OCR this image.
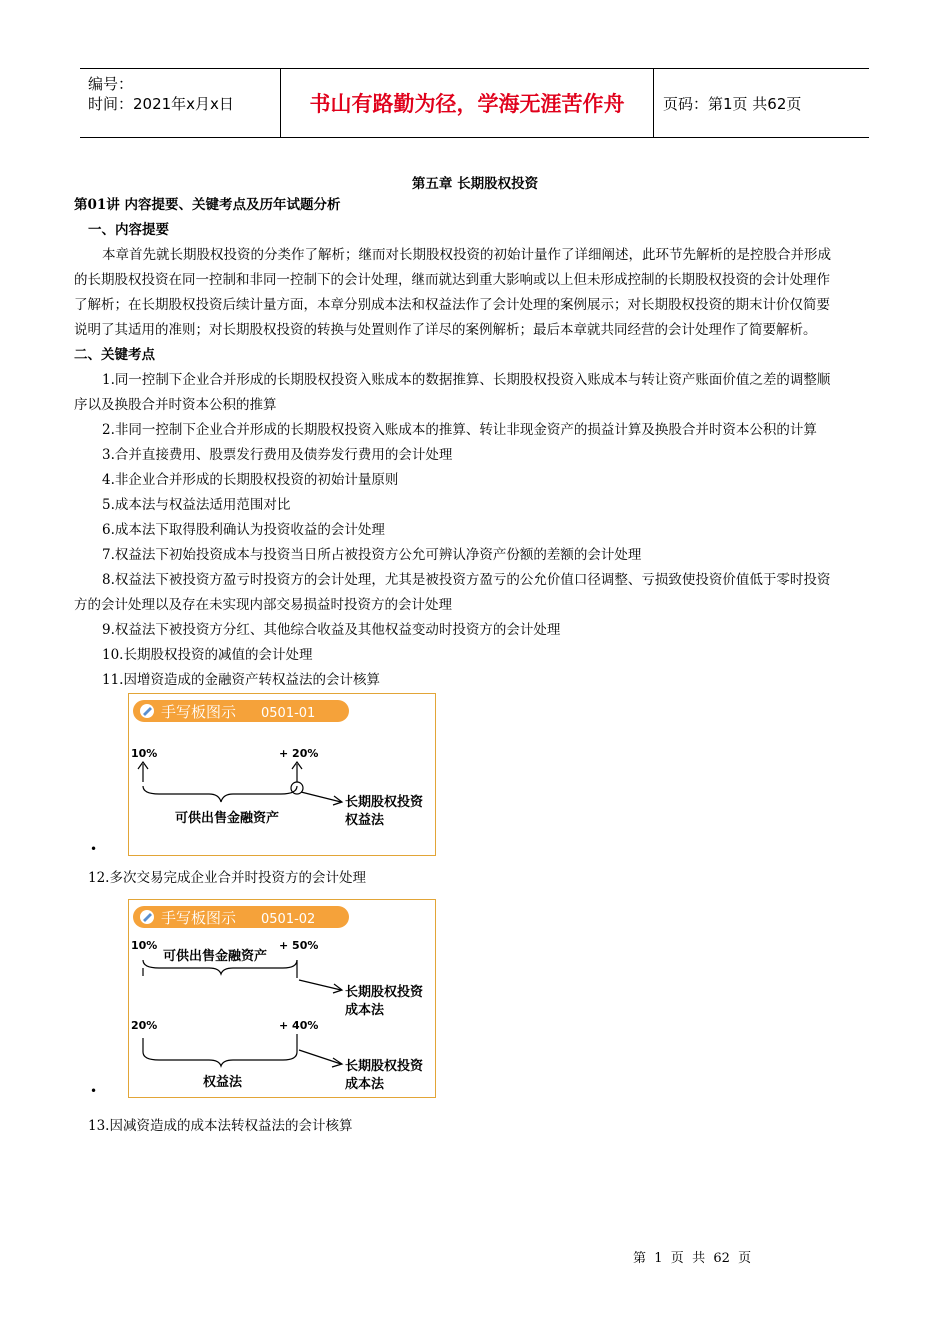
编号：
时间：2021年x月x日	书山有路勤为径，学海无涯苦作舟	页码：第1页 共62页
第五章 长期股权投资
第01讲 内容提要、关键考点及历年试题分析
一、内容提要
本章首先就长期股权投资的分类作了解析；继而对长期股权投资的初始计量作了详细阐述，此环节先解析的是控股合并形成
的长期股权投资在同一控制和非同一控制下的会计处理，继而就达到重大影响或以上但未形成控制的长期股权投资的会计处理作
了解析；在长期股权投资后续计量方面，本章分别成本法和权益法作了会计处理的案例展示；对长期股权投资的期末计价仅简要
说明了其适用的准则；对长期股权投资的转换与处置则作了详尽的案例解析；最后本章就共同经营的会计处理作了简要解析。
二、关键考点
1.同一控制下企业合并形成的长期股权投资入账成本的数据推算、长期股权投资入账成本与转让资产账面价值之差的调整顺
序以及换股合并时资本公积的推算
2.非同一控制下企业合并形成的长期股权投资入账成本的推算、转让非现金资产的损益计算及换股合并时资本公积的计算
3.合并直接费用、股票发行费用及债券发行费用的会计处理
4.非企业合并形成的长期股权投资的初始计量原则
5.成本法与权益法适用范围对比
6.成本法下取得股利确认为投资收益的会计处理
7.权益法下初始投资成本与投资当日所占被投资方公允可辨认净资产份额的差额的会计处理
8.权益法下被投资方盈亏时投资方的会计处理，尤其是被投资方盈亏的公允价值口径调整、亏损致使投资价值低于零时投资
方的会计处理以及存在未实现内部交易损益时投资方的会计处理
9.权益法下被投资方分红、其他综合收益及其他权益变动时投资方的会计处理
10.长期股权投资的减值的会计处理
11.因增资造成的金融资产转权益法的会计核算
手写板图示 0501-01
10%	+ 20%
可供出售金融资产
长期股权投资
权益法
•
12.多次交易完成企业合并时投资方的会计处理
手写板图示 0501-02
10%	+ 50%
可供出售金融资产
长期股权投资
成本法
20%	+ 40%
权益法
长期股权投资
成本法
•
13.因减资造成的成本法转权益法的会计核算
第  1  页  共  62  页
